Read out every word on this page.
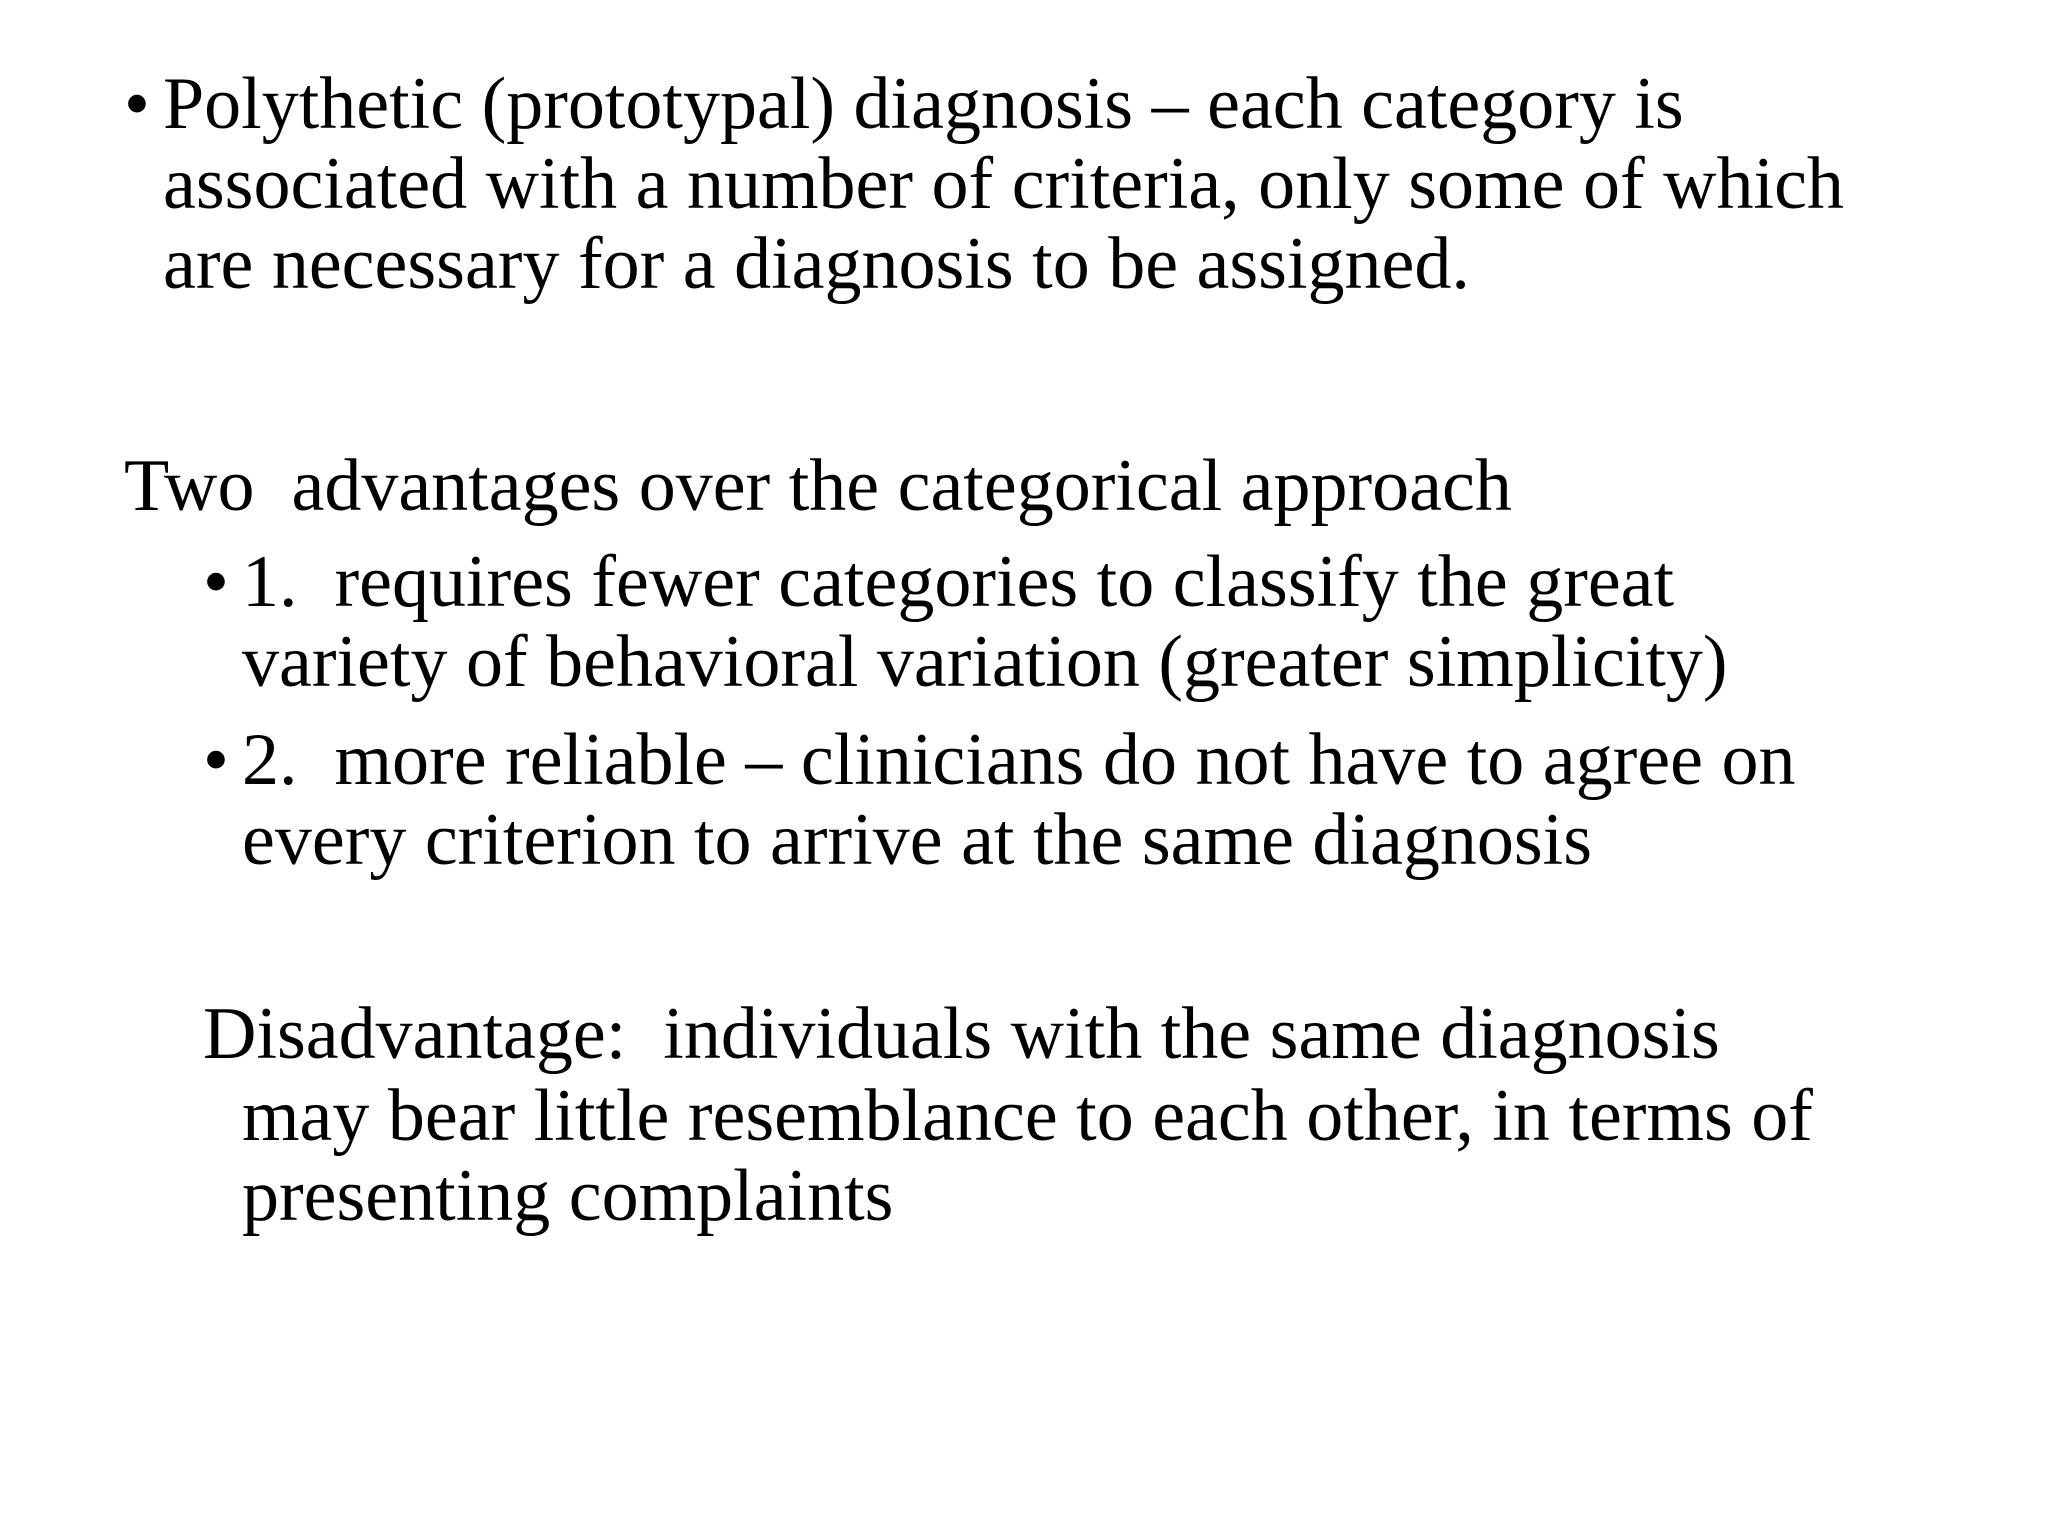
• Polythetic (prototypal) diagnosis – each category is
associated with a number of criteria, only some of which
are necessary for a diagnosis to be assigned.
Two  advantages over the categorical approach
• 1.  requires fewer categories to classify the great
variety of behavioral variation (greater simplicity)
• 2.  more reliable – clinicians do not have to agree on
every criterion to arrive at the same diagnosis
Disadvantage:  individuals with the same diagnosis
may bear little resemblance to each other, in terms of
presenting complaints
